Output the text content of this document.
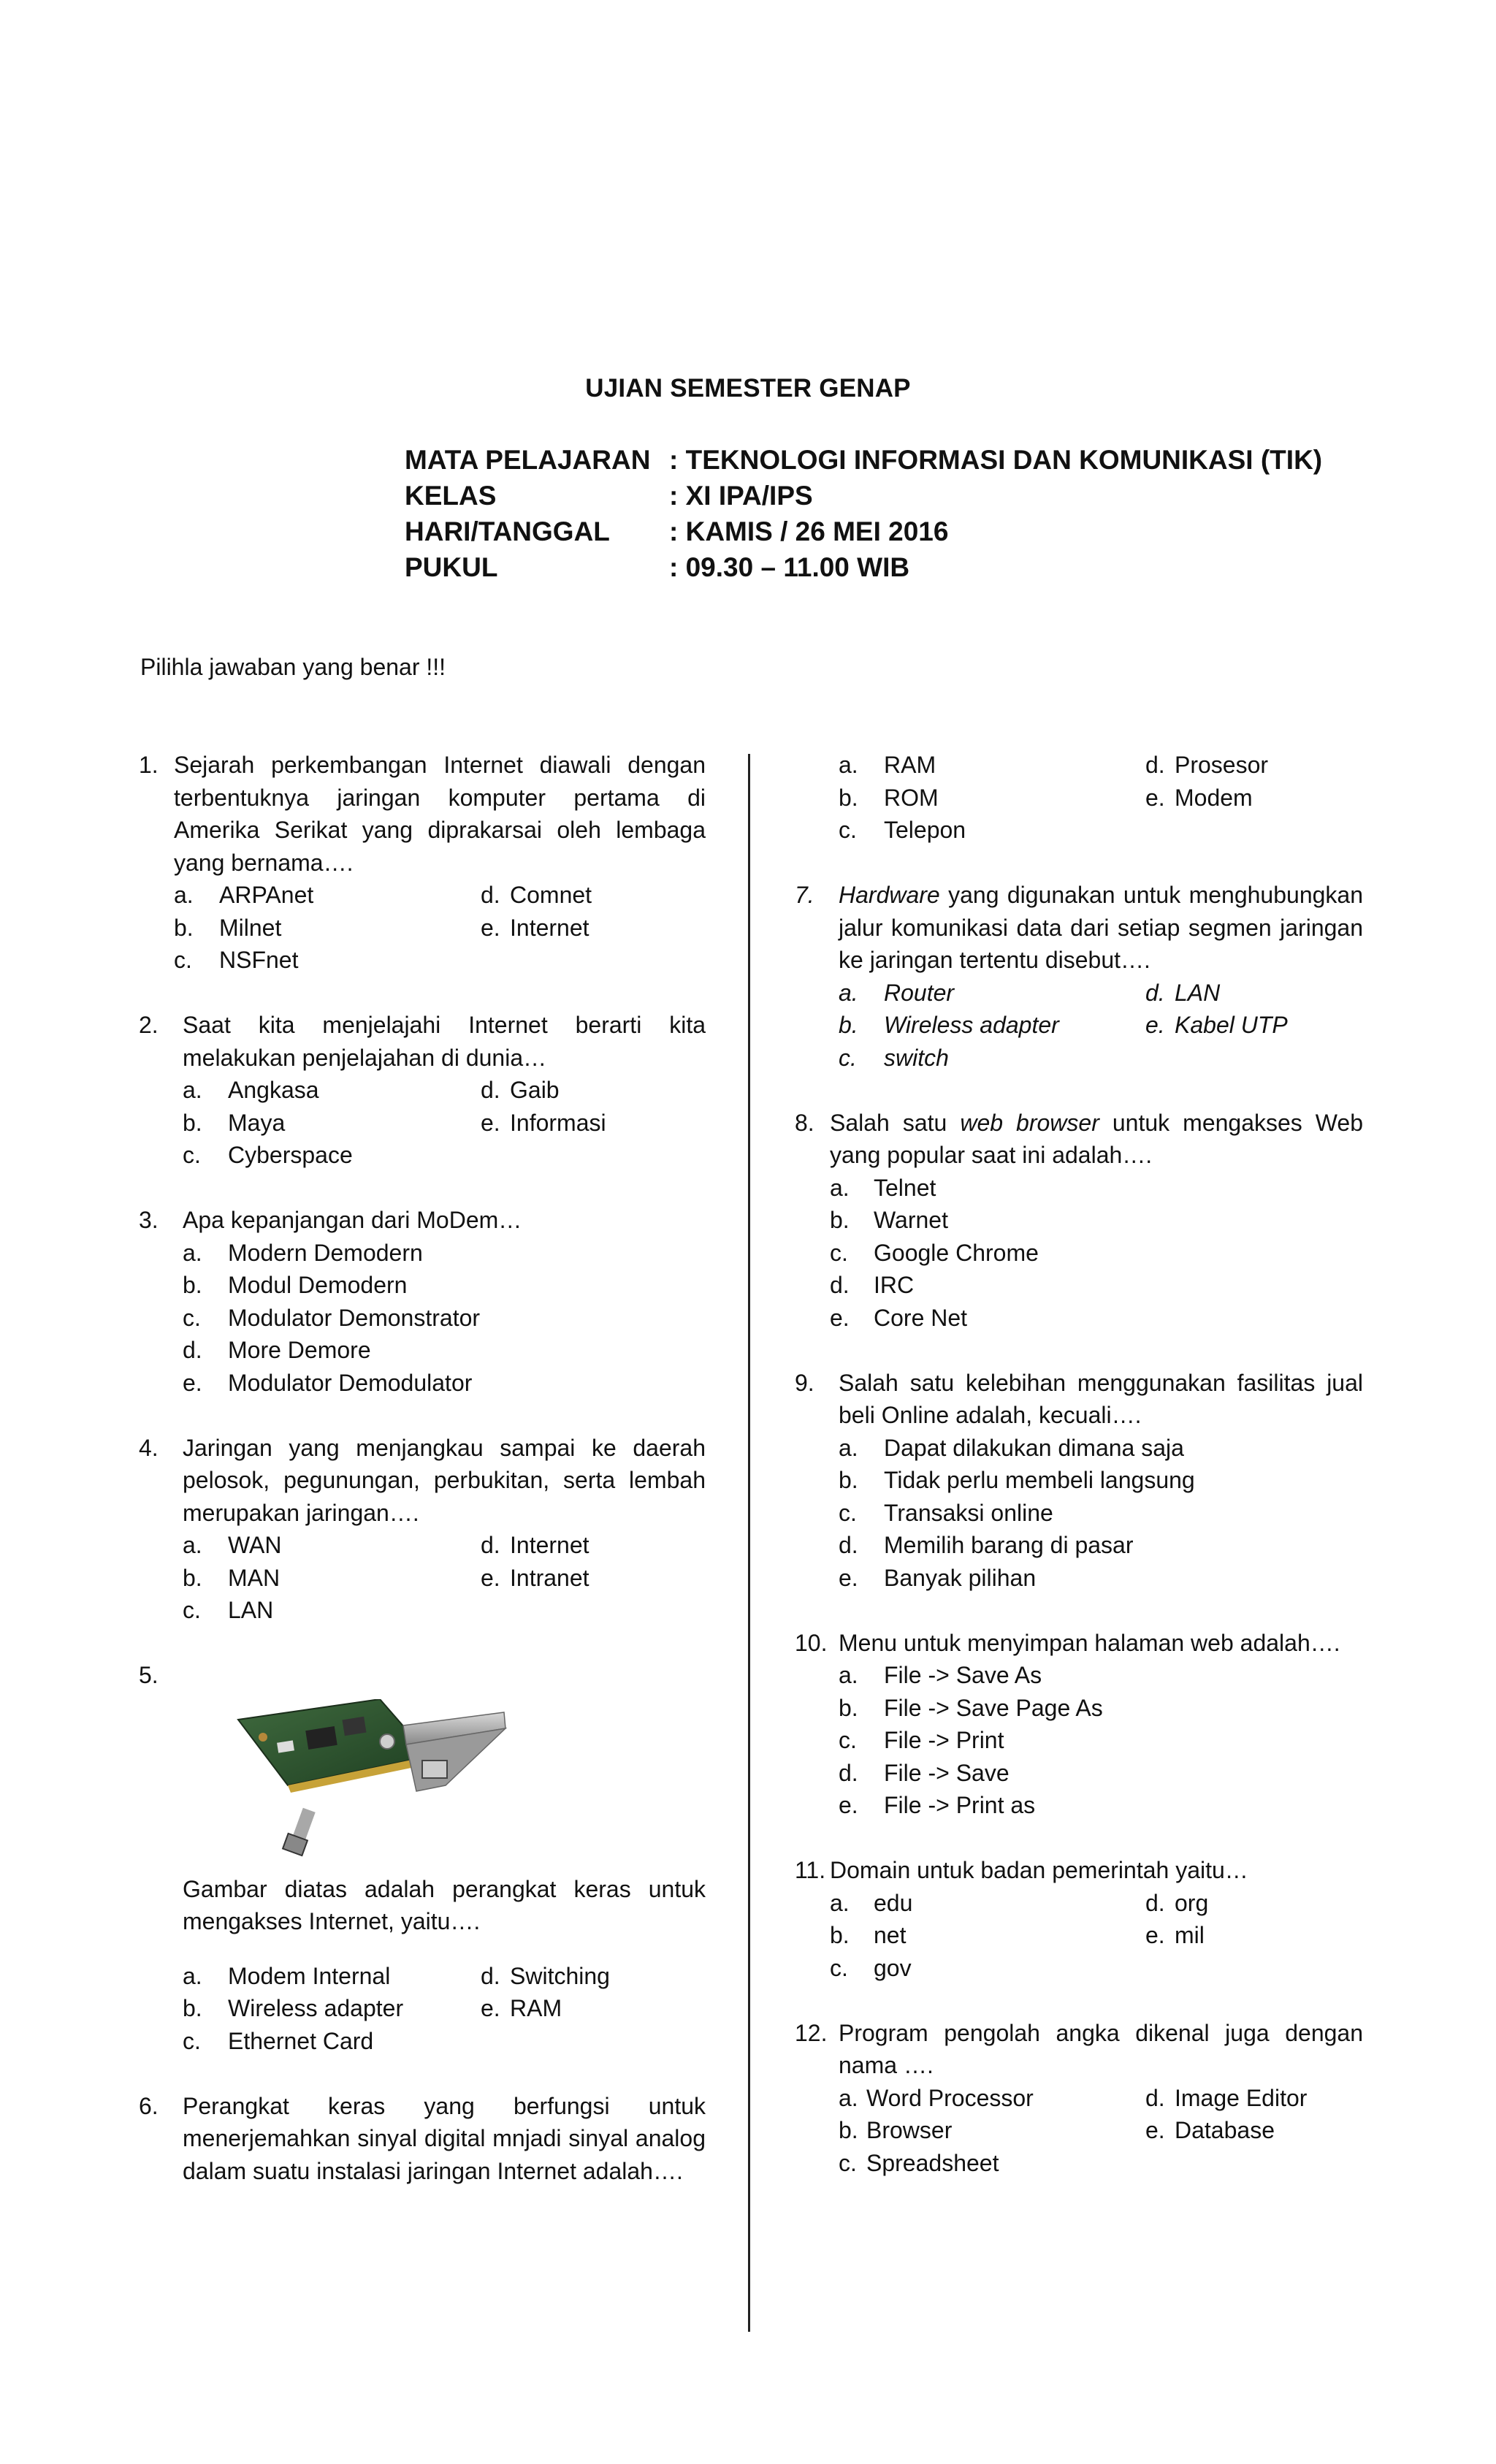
UJIAN SEMESTER GENAP
MATA PELAJARAN : TEKNOLOGI INFORMASI DAN KOMUNIKASI (TIK)
KELAS	: XI IPA/IPS
HARI/TANGGAL	: KAMIS / 26 MEI 2016
PUKUL	: 09.30 – 11.00 WIB
Pilihla jawaban yang benar !!!
1. Sejarah perkembangan Internet diawali dengan terbentuknya jaringan komputer pertama di Amerika Serikat yang diprakarsai oleh lembaga yang bernama….
a.	ARPAnet	d. Comnet
b.	Milnet	e. Internet
c.	NSFnet
2.	Saat kita menjelajahi Internet berarti kita melakukan penjelajahan di dunia…
a.	Angkasa	d. Gaib
b.	Maya	e. Informasi
c.	Cyberspace
3.	Apa kepanjangan dari MoDem…
a.	Modern Demodern
b.	Modul Demodern
c.	Modulator Demonstrator
d.	More Demore
e.	Modulator Demodulator
4.	Jaringan yang menjangkau sampai ke daerah pelosok, pegunungan, perbukitan, serta lembah merupakan jaringan….
a.	WAN	d. Internet
b.	MAN	e. Intranet
c.	LAN
5.
Gambar diatas adalah perangkat keras untuk mengakses Internet, yaitu….
a.	Modem Internal	d. Switching
b.	Wireless adapter	e. RAM
c.	Ethernet Card
6.	Perangkat keras yang berfungsi untuk menerjemahkan sinyal digital mnjadi sinyal analog dalam suatu instalasi jaringan Internet adalah….
a.	RAM	d. Prosesor
b.	ROM	e. Modem
c.	Telepon
7.	Hardware yang digunakan untuk menghubungkan jalur komunikasi data dari setiap segmen jaringan ke jaringan tertentu disebut….
a.	Router	d. LAN
b.	Wireless adapter	e. Kabel UTP
c.	switch
8. Salah satu web browser untuk mengakses Web yang popular saat ini adalah….
a.	Telnet
b.	Warnet
c.	Google Chrome
d.	IRC
e.	Core Net
9.	Salah satu kelebihan menggunakan fasilitas jual beli Online adalah, kecuali….
a.	Dapat dilakukan dimana saja
b.	Tidak perlu membeli langsung
c.	Transaksi online
d.	Memilih barang di pasar
e.	Banyak pilihan
10. Menu untuk menyimpan halaman web adalah….
a.	File -> Save As
b.	File -> Save Page As
c.	File -> Print
d.	File -> Save
e.	File -> Print as
11. Domain untuk badan pemerintah yaitu…
a.	edu	d. org
b.	net	e. mil
c.	gov
12. Program pengolah angka dikenal juga dengan nama ….
a. Word Processor	d. Image Editor
b. Browser	e. Database
c. Spreadsheet
